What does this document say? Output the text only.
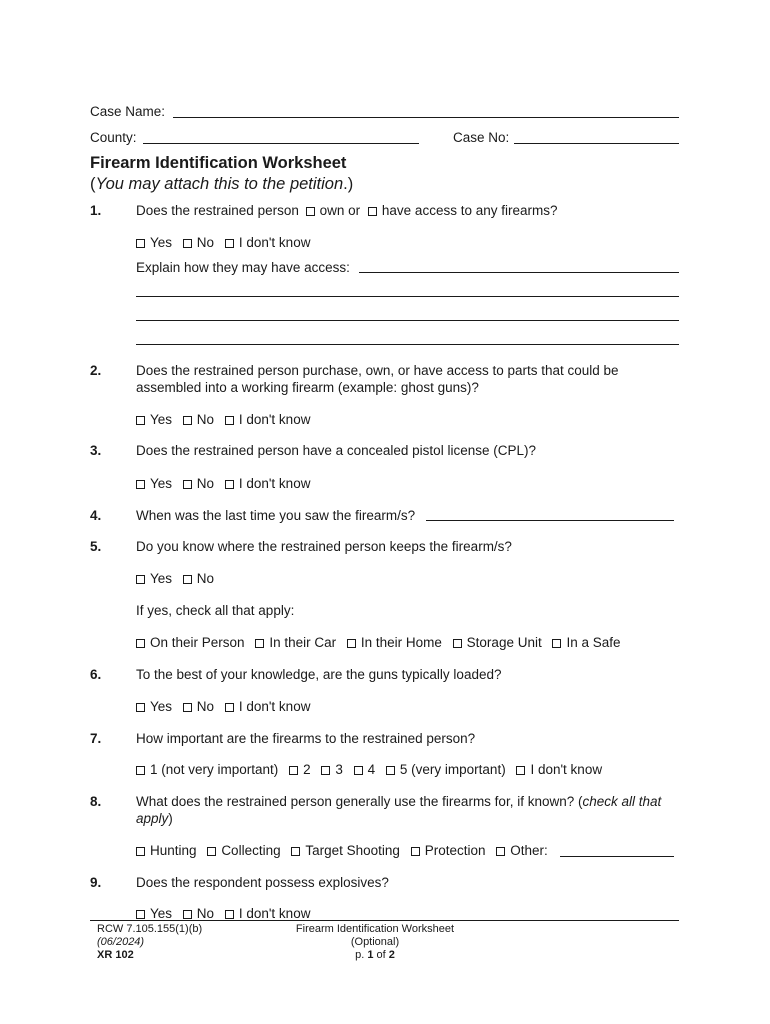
Case Name:
County:	Case No:
Firearm Identification Worksheet
(You may attach this to the petition.)
1.	Does the restrained person own or have access to any firearms?
Yes No I don't know
Explain how they may have access:
2.	Does the restrained person purchase, own, or have access to parts that could be
assembled into a working firearm (example: ghost guns)?
Yes No I don't know
3.	Does the restrained person have a concealed pistol license (CPL)?
Yes No I don't know
4.	When was the last time you saw the firearm/s?
5.	Do you know where the restrained person keeps the firearm/s?
Yes No
If yes, check all that apply:
On their Person In their Car In their Home Storage Unit In a Safe
6.	To the best of your knowledge, are the guns typically loaded?
Yes No I don't know
7.	How important are the firearms to the restrained person?
1 (not very important) 2 3 4 5 (very important) I don't know
8.	What does the restrained person generally use the firearms for, if known? (check all that
apply)
Hunting Collecting Target Shooting Protection Other:
9.	Does the respondent possess explosives?
Yes No I don't know
RCW 7.105.155(1)(b)
(06/2024)
XR 102
Firearm Identification Worksheet
(Optional)
p. 1 of 2
